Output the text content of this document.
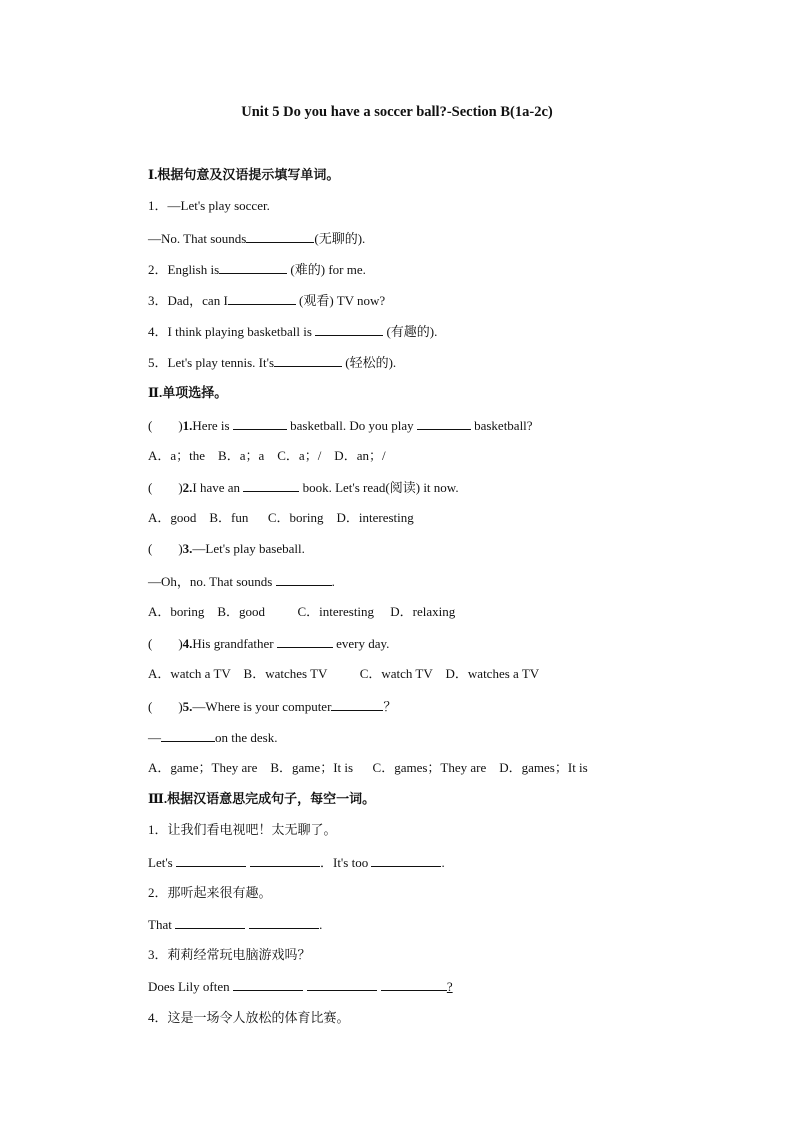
Unit 5 Do you have a soccer ball?-Section B(1a-2c)
Ⅰ.根据句意及汉语提示填写单词。
1．—Let's play soccer.
—No. That sounds	(无聊的).
2．English is	(难的) for me.
3．Dad，can I	(观看) TV now?
4．I think playing basketball is	(有趣的).
5．Let's play tennis. It's	(轻松的).
Ⅱ.单项选择。
(        )1.Here is	basketball. Do you play	basketball?
A．a；the    B．a；a    C．a；/    D．an；/
(        )2.I have an	book. Let's read(阅读) it now.
A．good    B．fun      C．boring    D．interesting
(        )3.—Let's play baseball.
—Oh，no. That sounds	.
A．boring    B．good          C．interesting     D．relaxing
(        )4.His grandfather	every day.
A．watch a TV    B．watches TV          C．watch TV    D．watches a TV
(        )5.—Where is your computer	？
—	on the desk.
A．game；They are    B．game；It is      C．games；They are    D．games；It is
Ⅲ.根据汉语意思完成句子，每空一词。
1．让我们看电视吧！太无聊了。
Let's	．It's too	.
2．那听起来很有趣。
That	.
3．莉莉经常玩电脑游戏吗？
Does Lily often	?
4．这是一场令人放松的体育比赛。
